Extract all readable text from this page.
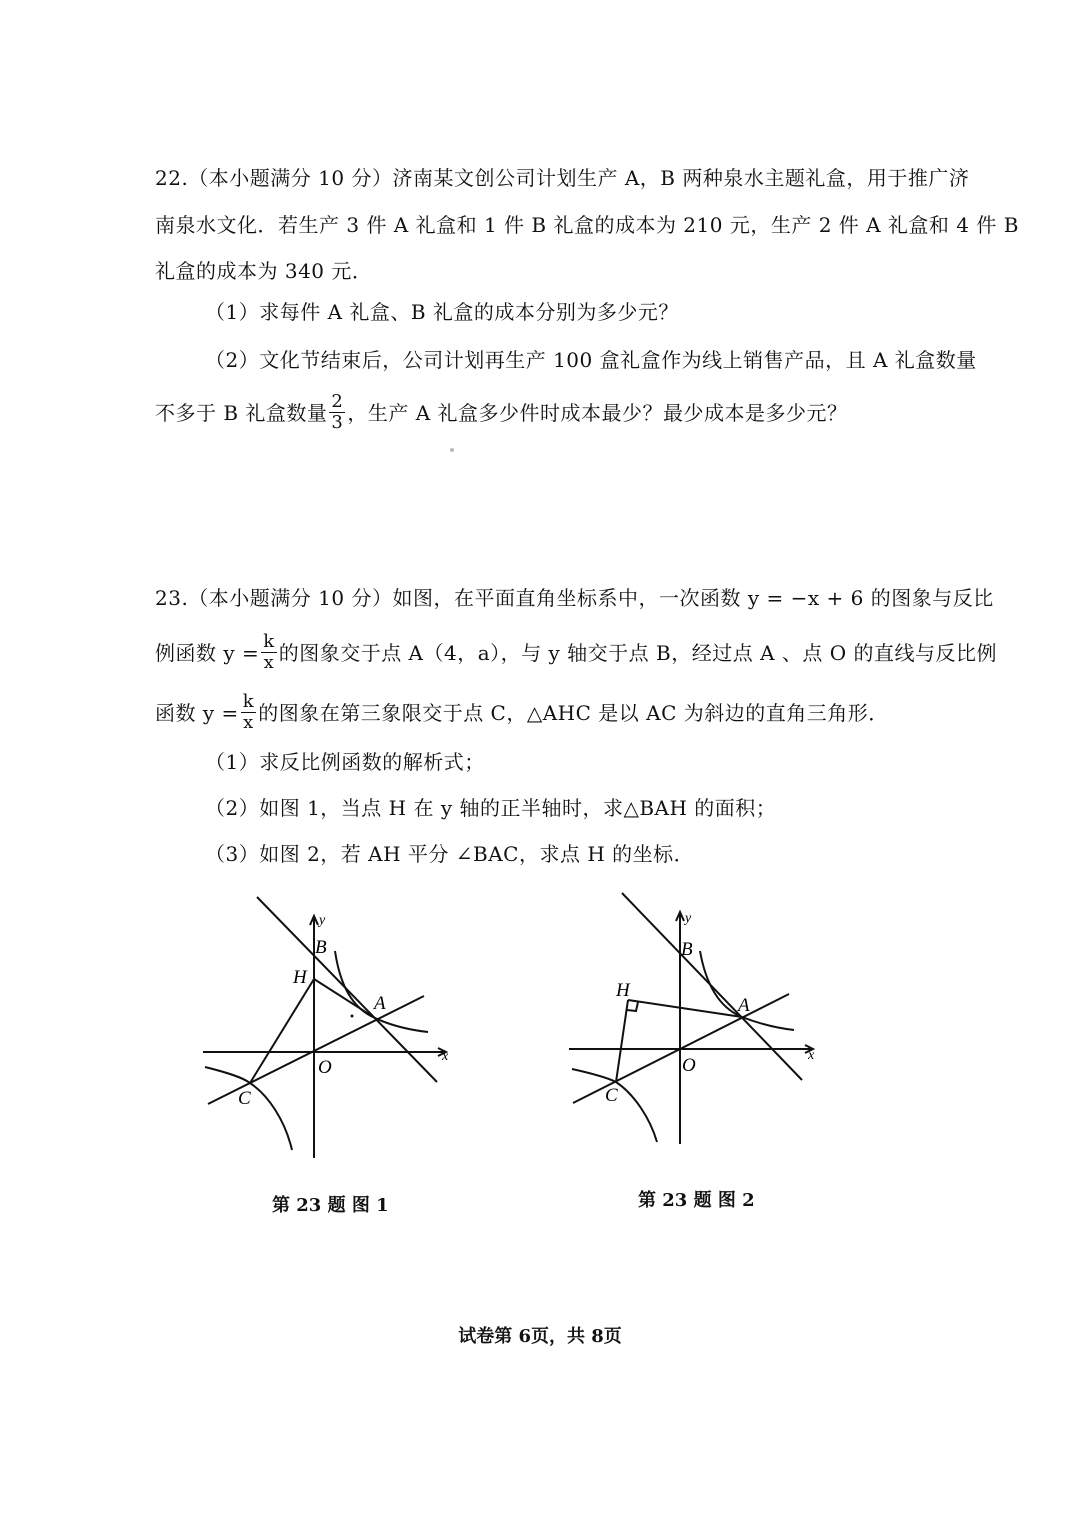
22.（本小题满分 10 分）济南某文创公司计划生产 A，B 两种泉水主题礼盒，用于推广济
南泉水文化．若生产 3 件 A 礼盒和 1 件 B 礼盒的成本为 210 元，生产 2 件 A 礼盒和 4 件 B
礼盒的成本为 340 元．
（1）求每件 A 礼盒、B 礼盒的成本分别为多少元？
（2）文化节结束后，公司计划再生产 100 盒礼盒作为线上销售产品，且 A 礼盒数量
不多于 B 礼盒数量 $\frac{2}{3}$ ，生产 A 礼盒多少件时成本最少？最少成本是多少元？
23.（本小题满分 10 分）如图，在平面直角坐标系中，一次函数 y = −x + 6 的图象与反比
例函数 $y = \frac{k}{x}$ 的图象交于点 A（4，a），与 y 轴交于点 B，经过点 A 、点 O 的直线与反比例
函数 $y = \frac{k}{x}$ 的图象在第三象限交于点 C，△AHC 是以 AC 为斜边的直角三角形．
（1）求反比例函数的解析式；
（2）如图 1，当点 H 在 y 轴的正半轴时，求△BAH 的面积；
（3）如图 2，若 AH 平分 ∠BAC，求点 H 的坐标．
y
x
B
H
A
O
C
y
x
B
H
A
O
C
第 23 题 图 1	第 23 题 图 2
试卷第 6页，共 8页
